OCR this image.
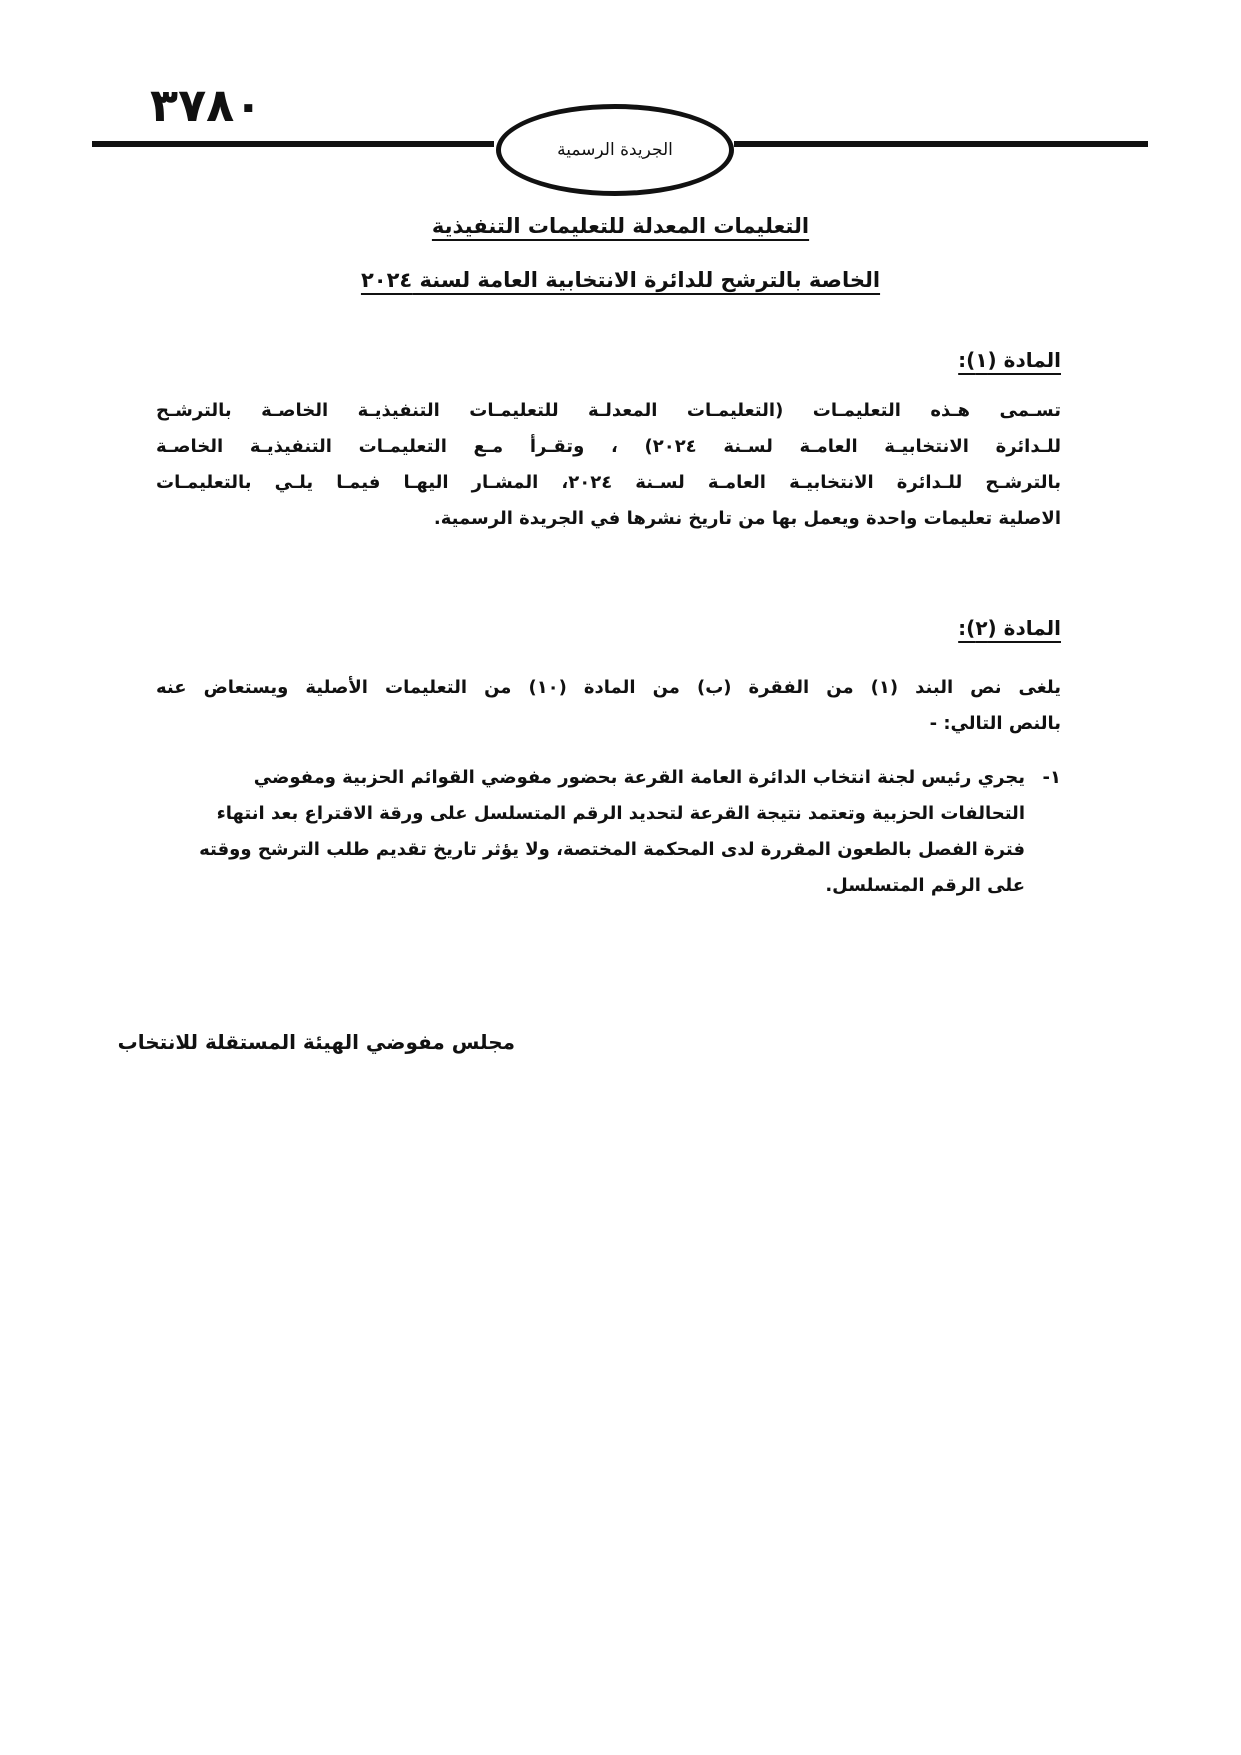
٣٧٨٠
الجريدة الرسمية
التعليمات المعدلة للتعليمات التنفيذية
الخاصة بالترشح للدائرة الانتخابية العامة لسنة ٢٠٢٤
المادة (١):
تسـمى هـذه التعليمـات (التعليمـات المعدلـة للتعليمـات التنفيذيـة الخاصـة بالترشـح
للـدائرة الانتخابيـة العامـة لسـنة ٢٠٢٤) ، وتقـرأ مـع التعليمـات التنفيذيـة الخاصـة
بالترشـح للـدائرة الانتخابيـة العامـة لسـنة ٢٠٢٤، المشـار اليهـا فيمـا يلـي بالتعليمـات
الاصلية تعليمات واحدة ويعمل بها من تاريخ نشرها في الجريدة الرسمية.
المادة (٢):
يلغى نص البند (١) من الفقرة (ب) من المادة (١٠) من التعليمات الأصلية ويستعاض عنه
بالنص التالي: -
١-
يجري رئيس لجنة انتخاب الدائرة العامة القرعة بحضور مفوضي القوائم الحزبية ومفوضي
التحالفات الحزبية وتعتمد نتيجة القرعة لتحديد الرقم المتسلسل على ورقة الاقتراع بعد انتهاء
فترة الفصل بالطعون المقررة لدى المحكمة المختصة، ولا يؤثر تاريخ تقديم طلب الترشح ووقته
على الرقم المتسلسل.
مجلس مفوضي الهيئة المستقلة للانتخاب
